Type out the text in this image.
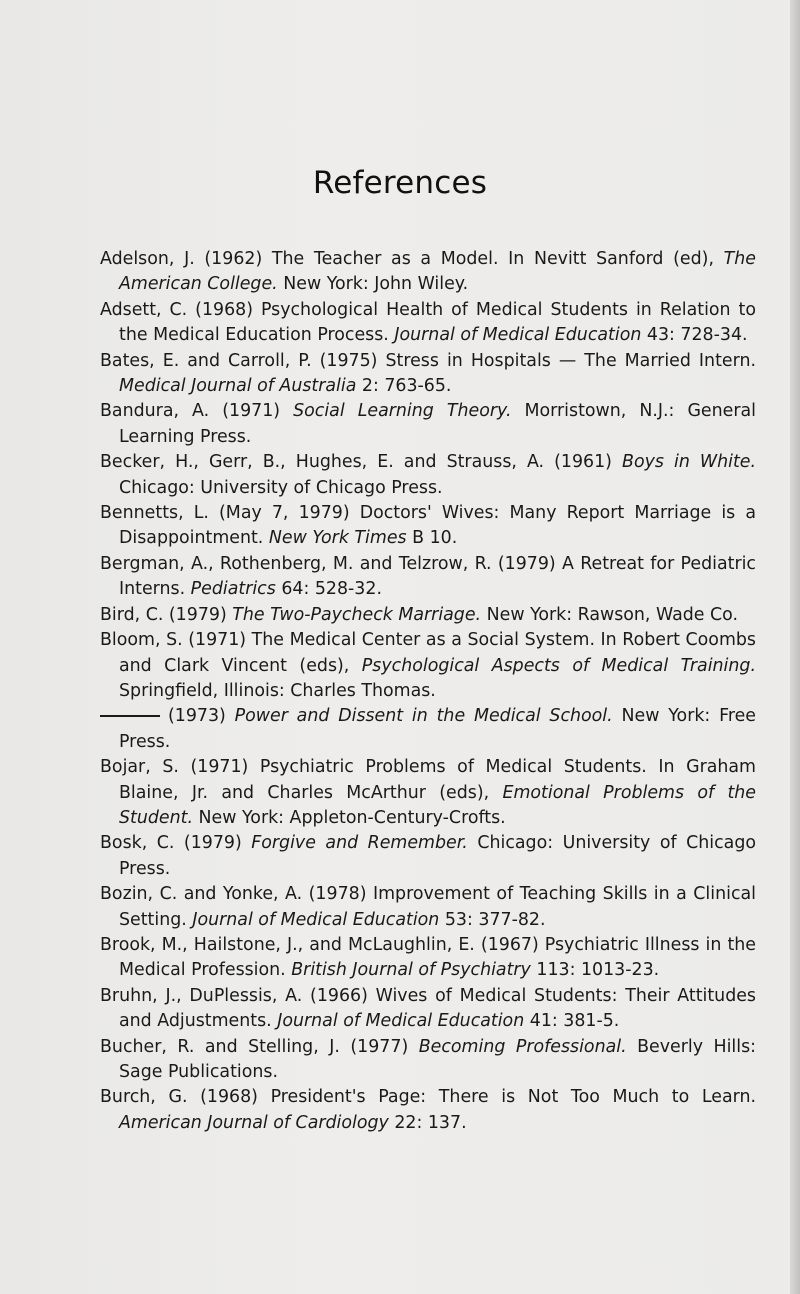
References

Adelson, J. (1962) The Teacher as a Model. In Nevitt Sanford (ed), The American College. New York: John Wiley.

Adsett, C. (1968) Psychological Health of Medical Students in Relation to the Medical Education Process. Journal of Medical Education 43: 728-34.

Bates, E. and Carroll, P. (1975) Stress in Hospitals — The Married Intern. Medical Journal of Australia 2: 763-65.

Bandura, A. (1971) Social Learning Theory. Morristown, N.J.: General Learning Press.

Becker, H., Gerr, B., Hughes, E. and Strauss, A. (1961) Boys in White. Chicago: University of Chicago Press.

Bennetts, L. (May 7, 1979) Doctors' Wives: Many Report Marriage is a Disappointment. New York Times B 10.

Bergman, A., Rothenberg, M. and Telzrow, R. (1979) A Retreat for Pediatric Interns. Pediatrics 64: 528-32.

Bird, C. (1979) The Two-Paycheck Marriage. New York: Rawson, Wade Co.

Bloom, S. (1971) The Medical Center as a Social System. In Robert Coombs and Clark Vincent (eds), Psychological Aspects of Medical Training. Springfield, Illinois: Charles Thomas.

(1973) Power and Dissent in the Medical School. New York: Free Press.

Bojar, S. (1971) Psychiatric Problems of Medical Students. In Graham Blaine, Jr. and Charles McArthur (eds), Emotional Problems of the Student. New York: Appleton-Century-Crofts.

Bosk, C. (1979) Forgive and Remember. Chicago: University of Chicago Press.

Bozin, C. and Yonke, A. (1978) Improvement of Teaching Skills in a Clinical Setting. Journal of Medical Education 53: 377-82.

Brook, M., Hailstone, J., and McLaughlin, E. (1967) Psychiatric Illness in the Medical Profession. British Journal of Psychiatry 113: 1013-23.

Bruhn, J., DuPlessis, A. (1966) Wives of Medical Students: Their Attitudes and Adjustments. Journal of Medical Education 41: 381-5.

Bucher, R. and Stelling, J. (1977) Becoming Professional. Beverly Hills: Sage Publications.

Burch, G. (1968) President's Page: There is Not Too Much to Learn. American Journal of Cardiology 22: 137.
